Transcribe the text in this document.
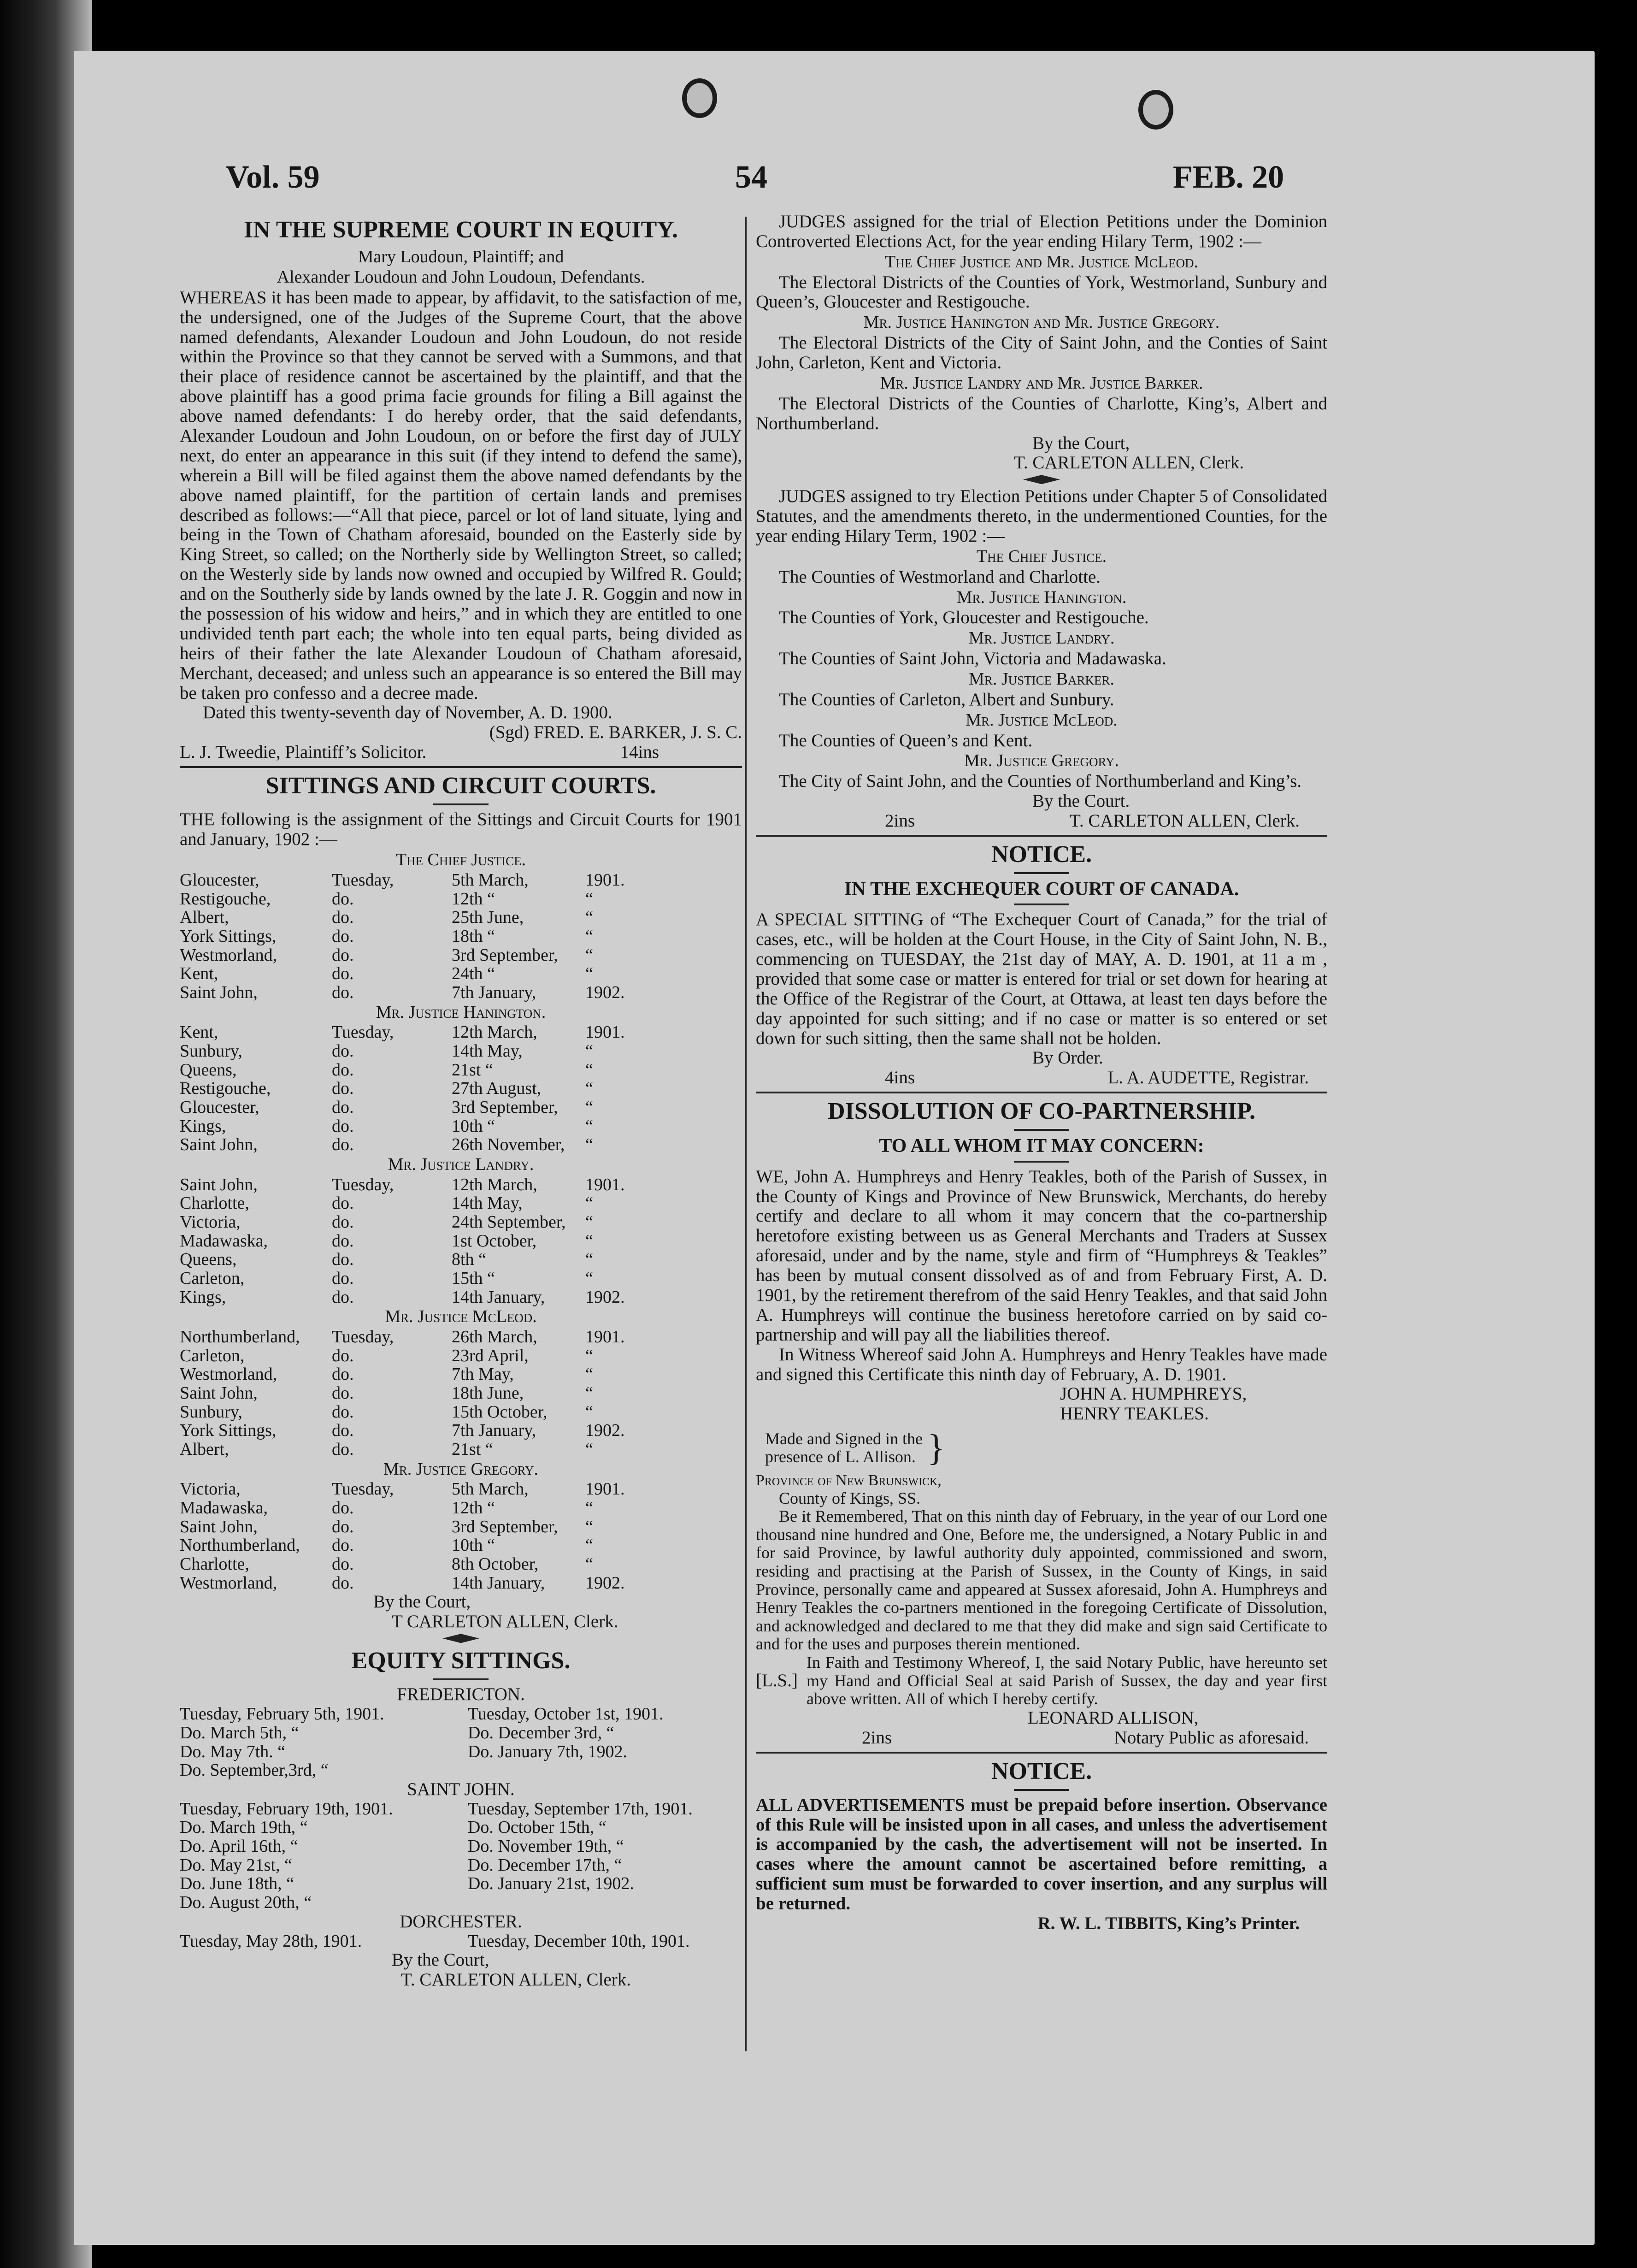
Vol. 59	54	FEB. 20
IN THE SUPREME COURT IN EQUITY.

Mary Loudoun, Plaintiff; and

Alexander Loudoun and John Loudoun, Defendants.

WHEREAS it has been made to appear, by affidavit, to the satisfaction of me, the undersigned, one of the Judges of the Supreme Court, that the above named defendants, Alexander Loudoun and John Loudoun, do not reside within the Province so that they cannot be served with a Summons, and that their place of residence cannot be ascertained by the plaintiff, and that the above plaintiff has a good prima facie grounds for filing a Bill against the above named defendants: I do hereby order, that the said defendants, Alexander Loudoun and John Loudoun, on or before the first day of JULY next, do enter an appearance in this suit (if they intend to defend the same), wherein a Bill will be filed against them the above named defendants by the above named plaintiff, for the partition of certain lands and premises described as follows:—“All that piece, parcel or lot of land situate, lying and being in the Town of Chatham aforesaid, bounded on the Easterly side by King Street, so called; on the Northerly side by Wellington Street, so called; on the Westerly side by lands now owned and occupied by Wilfred R. Gould; and on the Southerly side by lands owned by the late J. R. Goggin and now in the possession of his widow and heirs,” and in which they are entitled to one undivided tenth part each; the whole into ten equal parts, being divided as heirs of their father the late Alexander Loudoun of Chatham aforesaid, Merchant, deceased; and unless such an appearance is so entered the Bill may be taken pro confesso and a decree made.

Dated this twenty-seventh day of November, A. D. 1900.

(Sgd) FRED. E. BARKER, J. S. C.

L. J. Tweedie, Plaintiff’s Solicitor.	14ins
SITTINGS AND CIRCUIT COURTS.

THE following is the assignment of the Sittings and Circuit Courts for 1901 and January, 1902 :—

The Chief Justice.

Gloucester,	Tuesday,	5th March,	1901.
Restigouche,	do.	12th “	“
Albert,	do.	25th June,	“
York Sittings,	do.	18th “	“
Westmorland,	do.	3rd September,	“
Kent,	do.	24th “	“
Saint John,	do.	7th January,	1902.

Mr. Justice Hanington.

Kent,	Tuesday,	12th March,	1901.
Sunbury,	do.	14th May,	“
Queens,	do.	21st “	“
Restigouche,	do.	27th August,	“
Gloucester,	do.	3rd September,	“
Kings,	do.	10th “	“
Saint John,	do.	26th November,	“

Mr. Justice Landry.

Saint John,	Tuesday,	12th March,	1901.
Charlotte,	do.	14th May,	“
Victoria,	do.	24th September,	“
Madawaska,	do.	1st October,	“
Queens,	do.	8th “	“
Carleton,	do.	15th “	“
Kings,	do.	14th January,	1902.

Mr. Justice McLeod.

Northumberland,	Tuesday,	26th March,	1901.
Carleton,	do.	23rd April,	“
Westmorland,	do.	7th May,	“
Saint John,	do.	18th June,	“
Sunbury,	do.	15th October,	“
York Sittings,	do.	7th January,	1902.
Albert,	do.	21st “	“

Mr. Justice Gregory.

Victoria,	Tuesday,	5th March,	1901.
Madawaska,	do.	12th “	“
Saint John,	do.	3rd September,	“
Northumberland,	do.	10th “	“
Charlotte,	do.	8th October,	“
Westmorland,	do.	14th January,	1902.

By the Court,

T CARLETON ALLEN, Clerk.

EQUITY SITTINGS.

FREDERICTON.

Tuesday, February 5th, 1901.	Tuesday, October 1st, 1901.
Do. March 5th, “	Do. December 3rd, “
Do. May 7th. “	Do. January 7th, 1902.
Do. September,3rd, “

SAINT JOHN.

Tuesday, February 19th, 1901.	Tuesday, September 17th, 1901.
Do. March 19th, “	Do. October 15th, “
Do. April 16th, “	Do. November 19th, “
Do. May 21st, “	Do. December 17th, “
Do. June 18th, “	Do. January 21st, 1902.
Do. August 20th, “

DORCHESTER.

Tuesday, May 28th, 1901.	Tuesday, December 10th, 1901.

By the Court,

T. CARLETON ALLEN, Clerk.

JUDGES assigned for the trial of Election Petitions under the Dominion Controverted Elections Act, for the year ending Hilary Term, 1902 :—

The Chief Justice and Mr. Justice McLeod.

The Electoral Districts of the Counties of York, Westmorland, Sunbury and Queen’s, Gloucester and Restigouche.

Mr. Justice Hanington and Mr. Justice Gregory.

The Electoral Districts of the City of Saint John, and the Conties of Saint John, Carleton, Kent and Victoria.

Mr. Justice Landry and Mr. Justice Barker.

The Electoral Districts of the Counties of Charlotte, King’s, Albert and Northumberland.

By the Court,

T. CARLETON ALLEN, Clerk.

JUDGES assigned to try Election Petitions under Chapter 5 of Consolidated Statutes, and the amendments thereto, in the undermentioned Counties, for the year ending Hilary Term, 1902 :—

The Chief Justice.

The Counties of Westmorland and Charlotte.

Mr. Justice Hanington.

The Counties of York, Gloucester and Restigouche.

Mr. Justice Landry.

The Counties of Saint John, Victoria and Madawaska.

Mr. Justice Barker.

The Counties of Carleton, Albert and Sunbury.

Mr. Justice McLeod.

The Counties of Queen’s and Kent.

Mr. Justice Gregory.

The City of Saint John, and the Counties of Northumberland and King’s.

By the Court.

2ins	T. CARLETON ALLEN, Clerk.
NOTICE.

IN THE EXCHEQUER COURT OF CANADA.

A SPECIAL SITTING of “The Exchequer Court of Canada,” for the trial of cases, etc., will be holden at the Court House, in the City of Saint John, N. B., commencing on TUESDAY, the 21st day of MAY, A. D. 1901, at 11 a m , provided that some case or matter is entered for trial or set down for hearing at the Office of the Registrar of the Court, at Ottawa, at least ten days before the day appointed for such sitting; and if no case or matter is so entered or set down for such sitting, then the same shall not be holden.

By Order.

4ins	L. A. AUDETTE, Registrar.
DISSOLUTION OF CO-PARTNERSHIP.

TO ALL WHOM IT MAY CONCERN:

WE, John A. Humphreys and Henry Teakles, both of the Parish of Sussex, in the County of Kings and Province of New Brunswick, Merchants, do hereby certify and declare to all whom it may concern that the co-partnership heretofore existing between us as General Merchants and Traders at Sussex aforesaid, under and by the name, style and firm of “Humphreys & Teakles” has been by mutual consent dissolved as of and from February First, A. D. 1901, by the retirement therefrom of the said Henry Teakles, and that said John A. Humphreys will continue the business heretofore carried on by said co-partnership and will pay all the liabilities thereof.

In Witness Whereof said John A. Humphreys and Henry Teakles have made and signed this Certificate this ninth day of February, A. D. 1901.

JOHN A. HUMPHREYS,

HENRY TEAKLES.

Made and Signed in the
presence of L. Allison. }

Province of New Brunswick,

County of Kings, SS.

Be it Remembered, That on this ninth day of February, in the year of our Lord one thousand nine hundred and One, Before me, the undersigned, a Notary Public in and for said Province, by lawful authority duly appointed, commissioned and sworn, residing and practising at the Parish of Sussex, in the County of Kings, in said Province, personally came and appeared at Sussex aforesaid, John A. Humphreys and Henry Teakles the co-partners mentioned in the foregoing Certificate of Dissolution, and acknowledged and declared to me that they did make and sign said Certificate to and for the uses and purposes therein mentioned.

[L.S.]

In Faith and Testimony Whereof, I, the said Notary Public, have hereunto set my Hand and Official Seal at said Parish of Sussex, the day and year first above written. All of which I hereby certify.

LEONARD ALLISON,

2ins	Notary Public as aforesaid.
NOTICE.

ALL ADVERTISEMENTS must be prepaid before insertion. Observance of this Rule will be insisted upon in all cases, and unless the advertisement is accompanied by the cash, the advertisement will not be inserted. In cases where the amount cannot be ascertained before remitting, a sufficient sum must be forwarded to cover insertion, and any surplus will be returned.

R. W. L. TIBBITS, King’s Printer.
